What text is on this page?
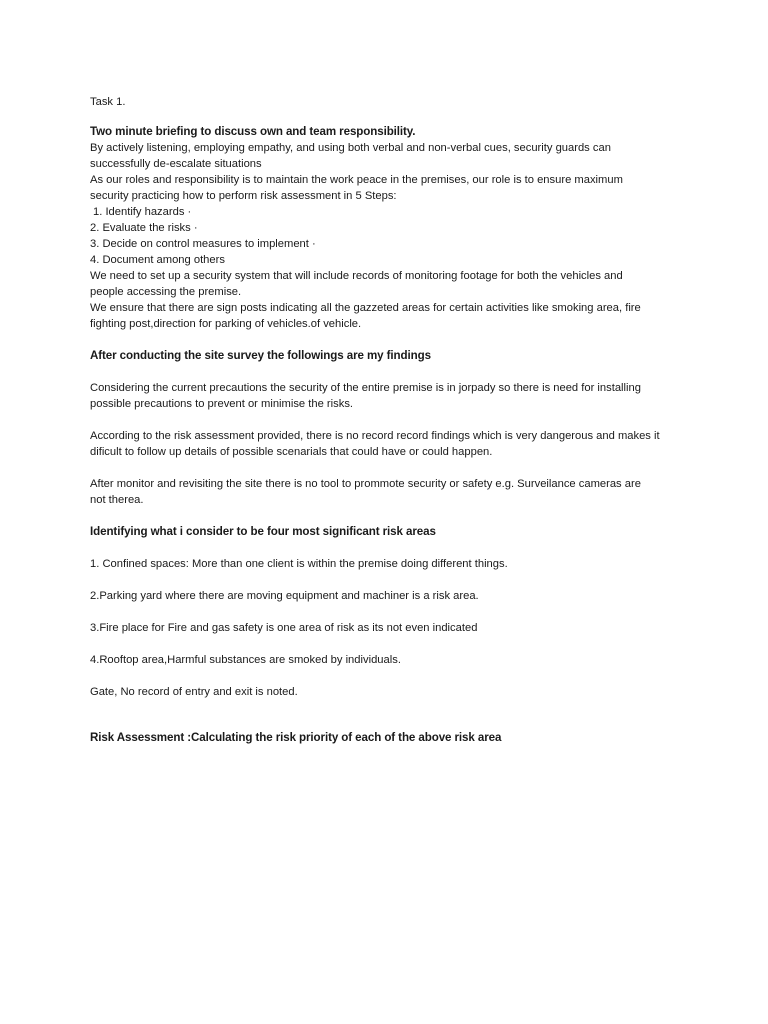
Task 1.

Two minute briefing to discuss own and team responsibility.

By actively listening, employing empathy, and using both verbal and non-verbal cues, security guards can

successfully de-escalate situations

As our roles and responsibility is to maintain the work peace in the premises, our role is to ensure maximum

security practicing how to perform risk assessment in 5 Steps:

1. Identify hazards ·

2. Evaluate the risks ·

3. Decide on control measures to implement ·

4. Document among others

We need to set up a security system that will include records of monitoring footage for both the vehicles and

people accessing the premise.

We ensure that there are sign posts indicating all the gazzeted areas for certain activities like smoking area, fire

fighting post,direction for parking of vehicles.of vehicle.

After conducting the site survey the followings are my findings

Considering the current precautions the security of the entire premise is in jorpady so there is need for installing

possible precautions to prevent or minimise the risks.

According to the risk assessment provided, there is no record record findings which is very dangerous and makes it

dificult to follow up details of possible scenarials that could have or could happen.

After monitor and revisiting the site there is no tool to prommote security or safety e.g. Surveilance cameras are

not therea.

Identifying what i consider to be four most significant risk areas

1. Confined spaces: More than one client is within the premise doing different things.

2.Parking yard where there are moving equipment and machiner is a risk area.

3.Fire place for Fire and gas safety is one area of risk as its not even indicated

4.Rooftop area,Harmful substances are smoked by individuals.

Gate, No record of entry and exit is noted.

Risk Assessment :Calculating the risk priority of each of the above risk area
